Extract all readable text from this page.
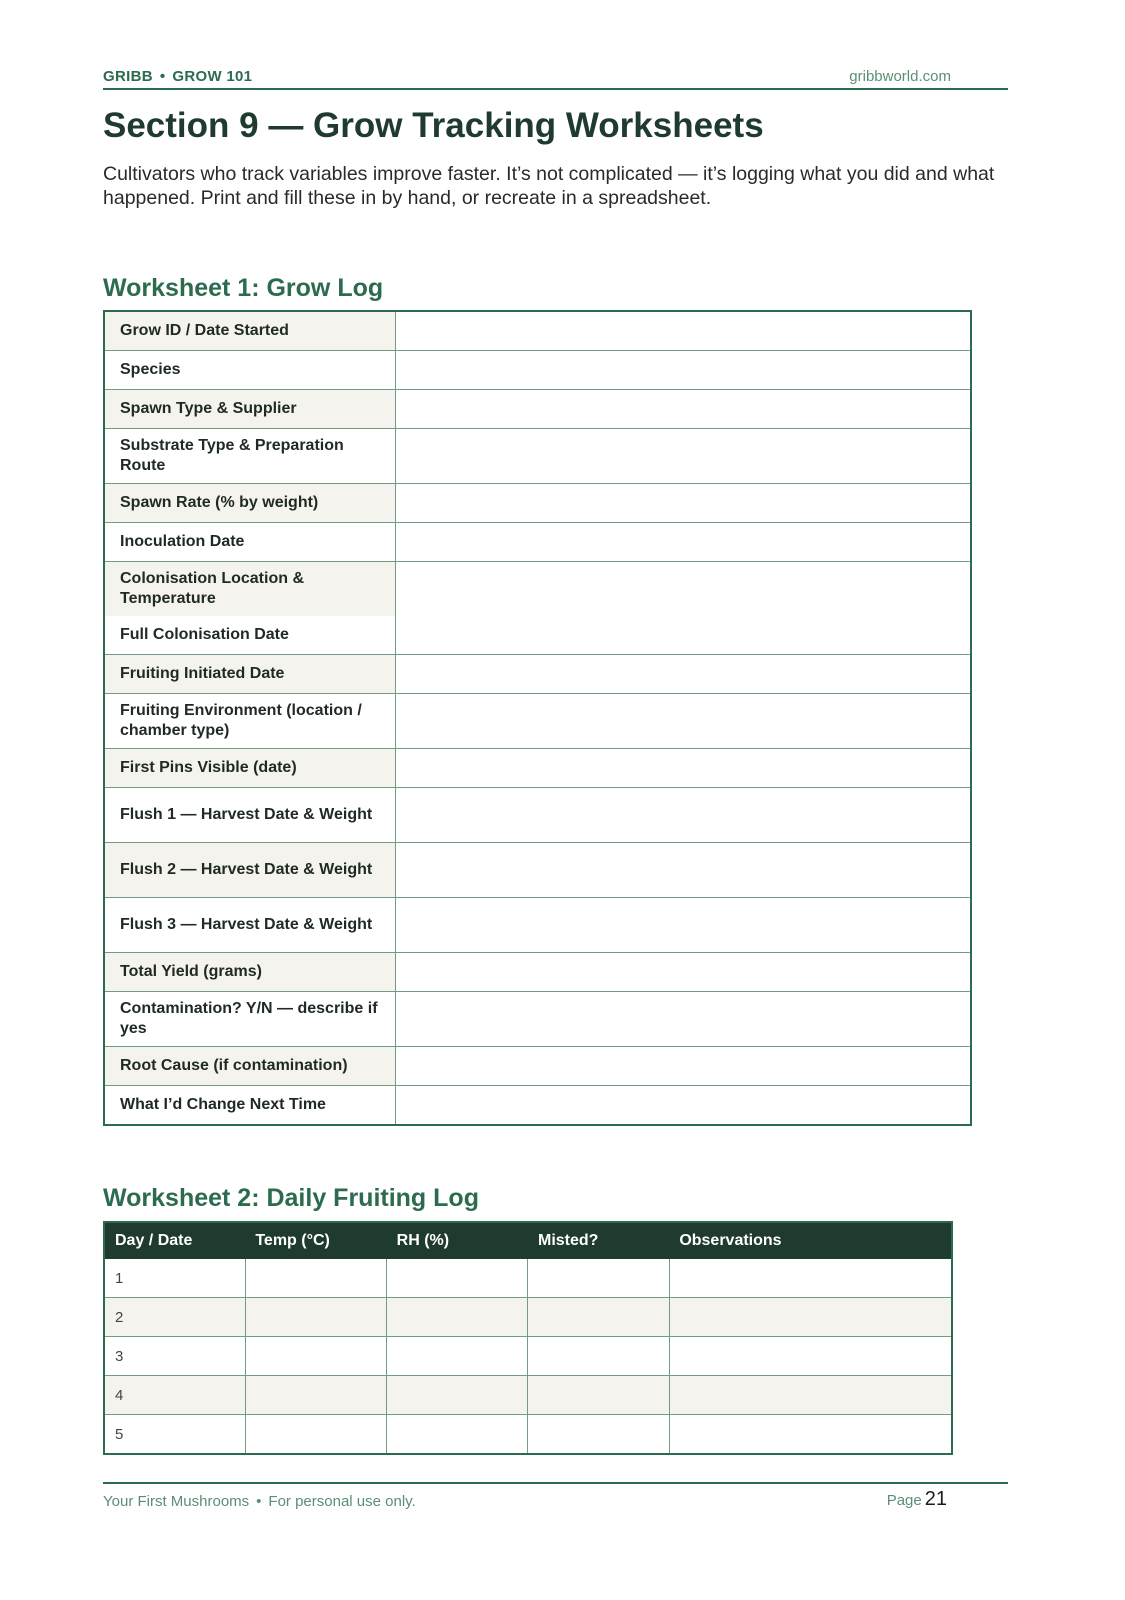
GRIBB • GROW 101	gribbworld.com
Section 9 — Grow Tracking Worksheets

Cultivators who track variables improve faster. It’s not complicated — it’s logging what you did and what happened. Print and fill these in by hand, or recreate in a spreadsheet.

Worksheet 1: Grow Log
Grow ID / Date Started	
Species	
Spawn Type & Supplier	
Substrate Type & Preparation Route	
Spawn Rate (% by weight)	
Inoculation Date	
Colonisation Location & Temperature	
Full Colonisation Date	
Fruiting Initiated Date	
Fruiting Environment (location / chamber type)	
First Pins Visible (date)	
Flush 1 — Harvest Date & Weight	
Flush 2 — Harvest Date & Weight	
Flush 3 — Harvest Date & Weight	
Total Yield (grams)	
Contamination? Y/N — describe if yes	
Root Cause (if contamination)	
What I’d Change Next Time	
Worksheet 2: Daily Fruiting Log
Day / Date	Temp (°C)	RH (%)	Misted?	Observations
1				
2				
3				
4				
5				
Your First Mushrooms • For personal use only.	Page 21
